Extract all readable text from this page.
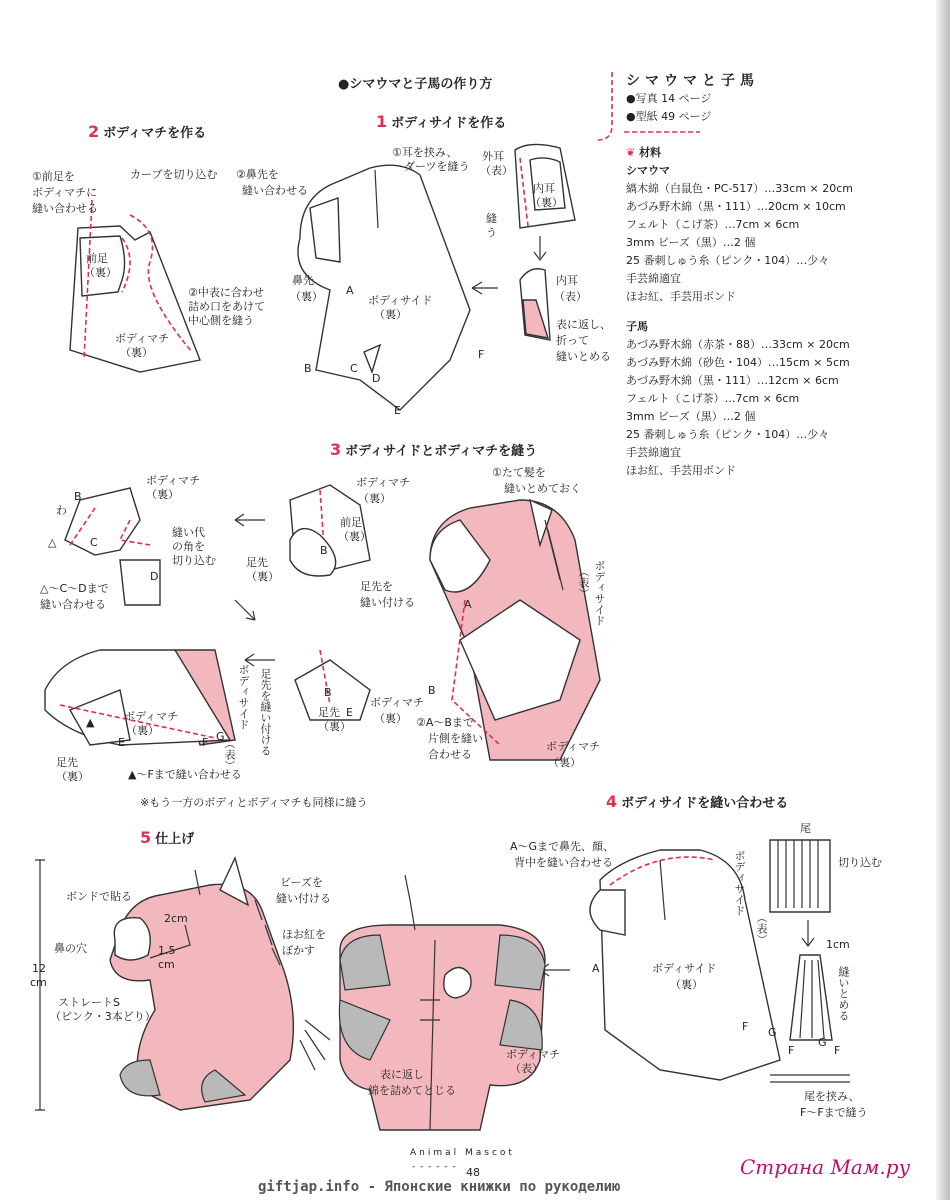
●シマウマと子馬の作り方	シマウマと子馬
●写真 14 ページ
●型紙 49 ページ
❦ 材料
シマウマ
縞木綿（白鼠色・PC-517）…33cm × 20cm
あづみ野木綿（黒・111）…20cm × 10cm
フェルト（こげ茶）…7cm × 6cm
3mm ビーズ（黒）…2 個
25 番刺しゅう糸（ピンク・104）…少々
手芸綿適宜
ほお紅、手芸用ボンド
子馬
あづみ野木綿（赤茶・88）…33cm × 20cm
あづみ野木綿（砂色・104）…15cm × 5cm
あづみ野木綿（黒・111）…12cm × 6cm
フェルト（こげ茶）…7cm × 6cm
3mm ビーズ（黒）…2 個
25 番刺しゅう糸（ピンク・104）…少々
手芸綿適宜
ほお紅、手芸用ボンド
2 ボディマチを作る
①前足を
ボディマチに
縫い合わせる
カーブを切り込む
前足
（裏）
②中表に合わせ
詰め口をあけて
中心側を縫う
ボディマチ
（裏）
1 ボディサイドを作る
①耳を挟み、
ダーツを縫う
②鼻先を
縫い合わせる
外耳
（表）
内耳
（裏）
縫
う
内耳
（表）
表に返し、
折って
縫いとめる
鼻先
（裏）	ボディサイド
（裏）
A
B	C
D
E
F
3 ボディサイドとボディマチを縫う
①たて髪を
縫いとめておく
ボディサイド
（表）
A
B
②A～Bまで
片側を縫い
合わせる
ボディマチ
（裏）
ボディマチ
（裏）
前足
（裏）
B
足先
（裏）
足先を
縫い付ける
ボディマチ
（裏）
B
わ
C
△
縫い代
の角を
切り込む
D
△～C～Dまで
縫い合わせる
足先を縫い付ける	足先
（裏）
B
E
ボディマチ
（裏）
ボディマチ
（裏）
▲
E	F G
ボディサイド
（表）
足先
（裏）	▲～Fまで縫い合わせる
※もう一方のボディとボディマチも同様に縫う	4 ボディサイドを縫い合わせる
A～Gまで鼻先、顔、
背中を縫い合わせる	ボディサイド
（表）
ボディサイド
（裏）
A
F G
尾
切り込む
1cm
縫いとめる
F
G
F
尾を挟み、
F～Fまで縫う
5 仕上げ
ボンドで貼る
鼻の穴
ストレートS
（ピンク・3本どり）
ビーズを
縫い付ける
ほお紅を
ぼかす
2cm
1.5
cm
12
cm
表に返し
綿を詰めてとじる
ボディマチ
（表）
Animal Mascot
- - - - - - 48
giftjap.info - Японские книжки по рукоделию
Страна Мам.ру
